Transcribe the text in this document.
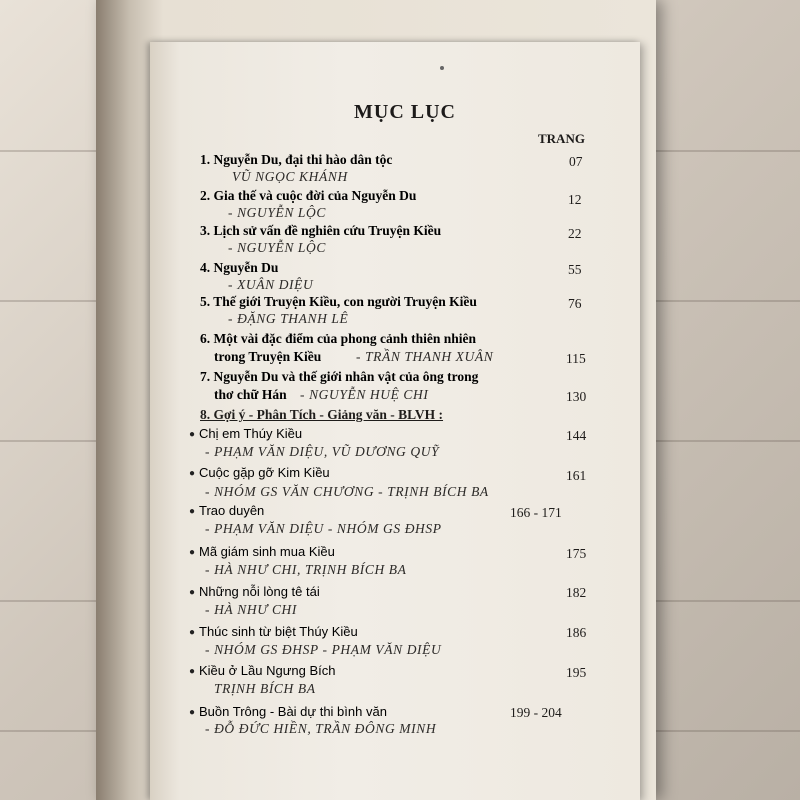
MỤC LỤC
TRANG
1. Nguyễn Du, đại thi hào dân tộc
VŨ NGỌC KHÁNH
07
2. Gia thế và cuộc đời của Nguyễn Du
- NGUYỄN LỘC
12
3. Lịch sử vấn đề nghiên cứu Truyện Kiều
- NGUYỄN LỘC
22
4. Nguyễn Du
- XUÂN DIỆU
55
5. Thế giới Truyện Kiều, con người Truyện Kiều
- ĐẶNG THANH LÊ
76
6. Một vài đặc điểm của phong cảnh thiên nhiên
trong Truyện Kiều	- TRẦN THANH XUÂN	115
7. Nguyễn Du và thế giới nhân vật của ông trong
thơ chữ Hán - NGUYỄN HUỆ CHI	130
8. Gợi ý - Phân Tích - Giảng văn - BLVH :
● Chị em Thúy Kiều
- PHẠM VĂN DIỆU, VŨ DƯƠNG QUỸ
144
● Cuộc gặp gỡ Kim Kiều
- NHÓM GS VĂN CHƯƠNG - TRỊNH BÍCH BA
161
● Trao duyên
- PHẠM VĂN DIỆU - NHÓM GS ĐHSP
166 - 171
● Mã giám sinh mua Kiều
- HÀ NHƯ CHI, TRỊNH BÍCH BA
175
● Những nỗi lòng tê tái
- HÀ NHƯ CHI
182
● Thúc sinh từ biệt Thúy Kiều
- NHÓM GS ĐHSP - PHẠM VĂN DIỆU
186
● Kiều ở Lầu Ngưng Bích
TRỊNH BÍCH BA
195
● Buồn Trông - Bài dự thi bình văn
- ĐỖ ĐỨC HIỀN, TRẦN ĐÔNG MINH
199 - 204
